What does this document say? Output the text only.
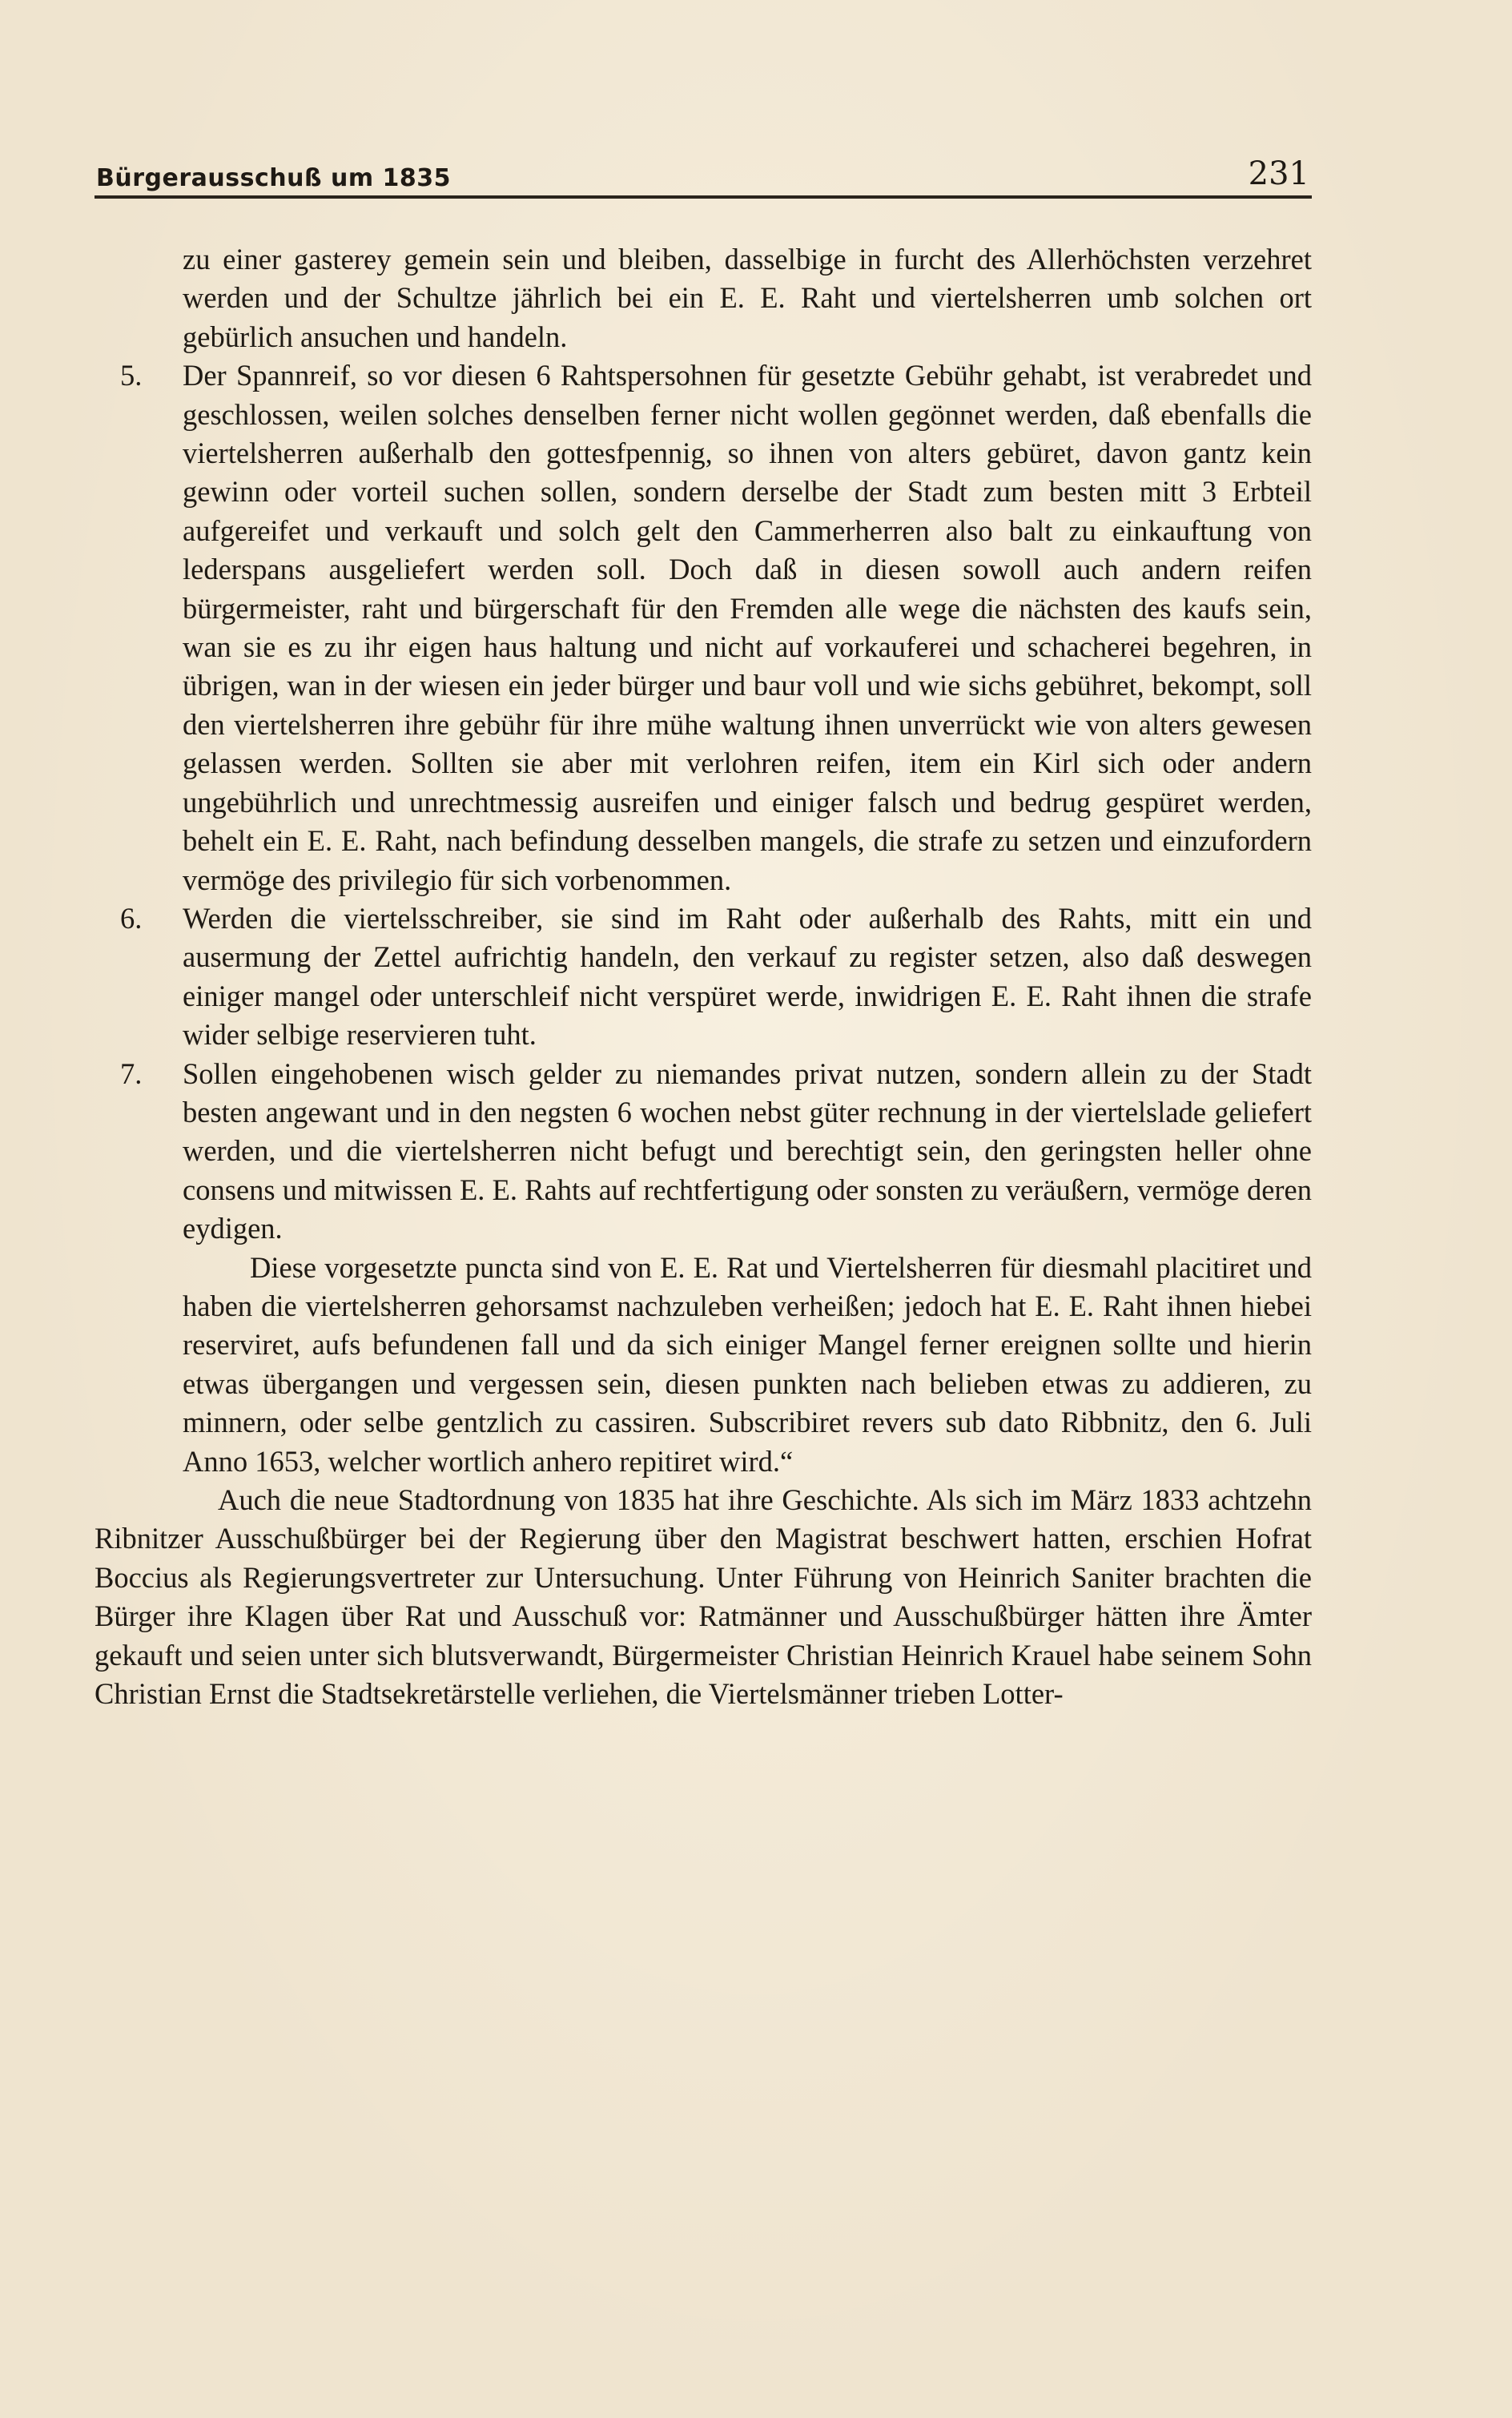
Bürgerausschuß um 1835	231

zu einer gasterey gemein sein und bleiben, dasselbige in furcht des Allerhöchsten verzehret werden und der Schultze jährlich bei ein E. E. Raht und viertelsherren umb solchen ort gebürlich ansuchen und handeln.

5. Der Spannreif, so vor diesen 6 Rahtspersohnen für gesetzte Gebühr gehabt, ist verabredet und geschlossen, weilen solches denselben ferner nicht wollen gegönnet werden, daß ebenfalls die viertelsherren außerhalb den gottesfpennig, so ihnen von alters gebüret, davon gantz kein gewinn oder vorteil suchen sollen, sondern derselbe der Stadt zum besten mitt 3 Erbteil aufgereifet und verkauft und solch gelt den Cammerherren also balt zu einkauftung von lederspans ausgeliefert werden soll. Doch daß in diesen sowoll auch andern reifen bürgermeister, raht und bürgerschaft für den Fremden alle wege die nächsten des kaufs sein, wan sie es zu ihr eigen haus haltung und nicht auf vorkauferei und schacherei begehren, in übrigen, wan in der wiesen ein jeder bürger und baur voll und wie sichs gebühret, bekompt, soll den viertelsherren ihre gebühr für ihre mühe waltung ihnen unverrückt wie von alters gewesen gelassen werden. Sollten sie aber mit verlohren reifen, item ein Kirl sich oder andern ungebührlich und unrechtmessig ausreifen und einiger falsch und bedrug gespüret werden, behelt ein E. E. Raht, nach befindung desselben mangels, die strafe zu setzen und einzufordern vermöge des privilegio für sich vorbenommen.

6. Werden die viertelsschreiber, sie sind im Raht oder außerhalb des Rahts, mitt ein und ausermung der Zettel aufrichtig handeln, den verkauf zu register setzen, also daß deswegen einiger mangel oder unterschleif nicht verspüret werde, inwidrigen E. E. Raht ihnen die strafe wider selbige reservieren tuht.

7. Sollen eingehobenen wisch gelder zu niemandes privat nutzen, sondern allein zu der Stadt besten angewant und in den negsten 6 wochen nebst güter rechnung in der viertelslade geliefert werden, und die viertelsherren nicht befugt und berechtigt sein, den geringsten heller ohne consens und mitwissen E. E. Rahts auf rechtfertigung oder sonsten zu veräußern, vermöge deren eydigen.

Diese vorgesetzte puncta sind von E. E. Rat und Viertelsherren für diesmahl placitiret und haben die viertelsherren gehorsamst nachzuleben verheißen; jedoch hat E. E. Raht ihnen hiebei reserviret, aufs befundenen fall und da sich einiger Mangel ferner ereignen sollte und hierin etwas übergangen und vergessen sein, diesen punkten nach belieben etwas zu addieren, zu minnern, oder selbe gentzlich zu cassiren. Subscribiret revers sub dato Ribbnitz, den 6. Juli Anno 1653, welcher wortlich anhero repitiret wird.“

Auch die neue Stadtordnung von 1835 hat ihre Geschichte. Als sich im März 1833 achtzehn Ribnitzer Ausschußbürger bei der Regierung über den Magistrat beschwert hatten, erschien Hofrat Boccius als Regierungsvertreter zur Untersuchung. Unter Führung von Heinrich Saniter brachten die Bürger ihre Klagen über Rat und Ausschuß vor: Ratmänner und Ausschußbürger hätten ihre Ämter gekauft und seien unter sich blutsverwandt, Bürgermeister Christian Heinrich Krauel habe seinem Sohn Christian Ernst die Stadtsekretärstelle verliehen, die Viertelsmänner trieben Lotter-
